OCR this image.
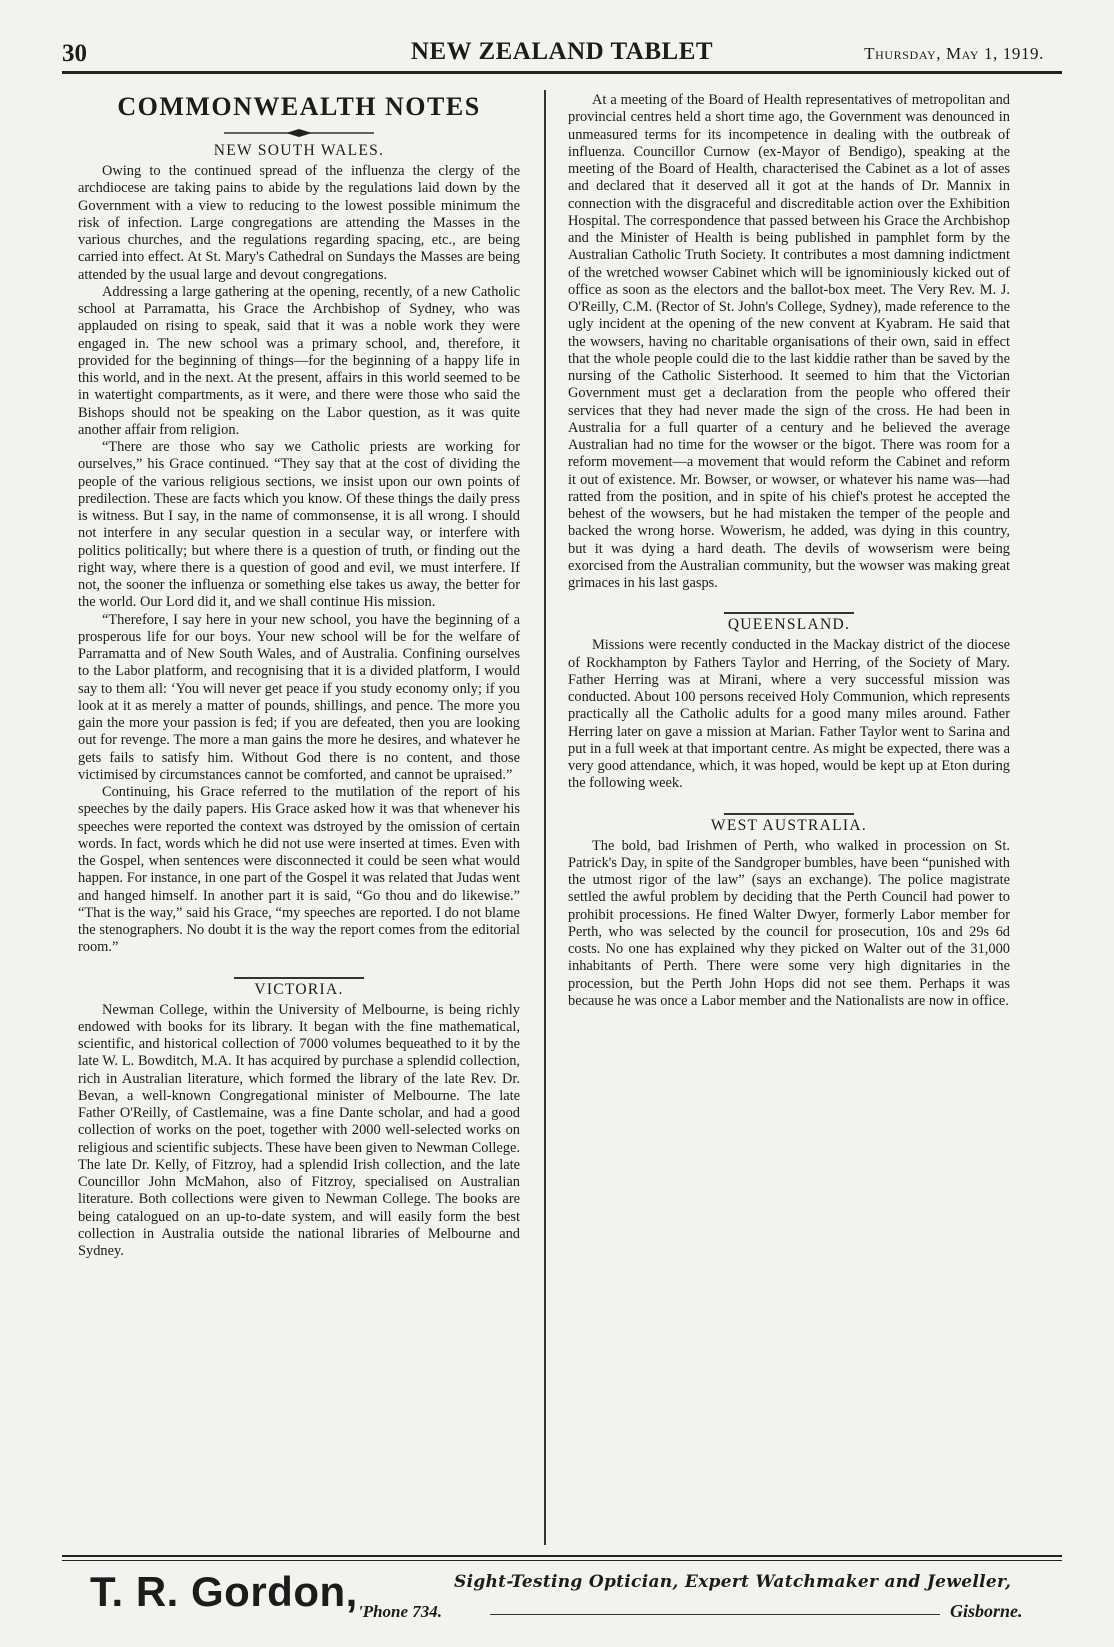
30	NEW ZEALAND TABLET	Thursday, May 1, 1919.
COMMONWEALTH NOTES
NEW SOUTH WALES.

Owing to the continued spread of the influenza the clergy of the archdiocese are taking pains to abide by the regulations laid down by the Government with a view to reducing to the lowest possible minimum the risk of infection. Large congregations are attending the Masses in the various churches, and the regulations regarding spacing, etc., are being carried into effect. At St. Mary's Cathedral on Sundays the Masses are being attended by the usual large and devout congregations.

Addressing a large gathering at the opening, recently, of a new Catholic school at Parramatta, his Grace the Archbishop of Sydney, who was applauded on rising to speak, said that it was a noble work they were engaged in. The new school was a primary school, and, therefore, it provided for the beginning of things—for the beginning of a happy life in this world, and in the next. At the present, affairs in this world seemed to be in watertight compartments, as it were, and there were those who said the Bishops should not be speaking on the Labor question, as it was quite another affair from religion.

“There are those who say we Catholic priests are working for ourselves,” his Grace continued. “They say that at the cost of dividing the people of the various religious sections, we insist upon our own points of predilection. These are facts which you know. Of these things the daily press is witness. But I say, in the name of commonsense, it is all wrong. I should not interfere in any secular question in a secular way, or interfere with politics politically; but where there is a question of truth, or finding out the right way, where there is a question of good and evil, we must interfere. If not, the sooner the influenza or something else takes us away, the better for the world. Our Lord did it, and we shall continue His mission.

“Therefore, I say here in your new school, you have the beginning of a prosperous life for our boys. Your new school will be for the welfare of Parramatta and of New South Wales, and of Australia. Confining ourselves to the Labor platform, and recognising that it is a divided platform, I would say to them all: ‘You will never get peace if you study economy only; if you look at it as merely a matter of pounds, shillings, and pence. The more you gain the more your passion is fed; if you are defeated, then you are looking out for revenge. The more a man gains the more he desires, and whatever he gets fails to satisfy him. Without God there is no content, and those victimised by circumstances cannot be comforted, and cannot be upraised.”

Continuing, his Grace referred to the mutilation of the report of his speeches by the daily papers. His Grace asked how it was that whenever his speeches were reported the context was dstroyed by the omission of certain words. In fact, words which he did not use were inserted at times. Even with the Gospel, when sentences were disconnected it could be seen what would happen. For instance, in one part of the Gospel it was related that Judas went and hanged himself. In another part it is said, “Go thou and do likewise.” “That is the way,” said his Grace, “my speeches are reported. I do not blame the stenographers. No doubt it is the way the report comes from the editorial room.”

VICTORIA.

Newman College, within the University of Melbourne, is being richly endowed with books for its library. It began with the fine mathematical, scientific, and historical collection of 7000 volumes bequeathed to it by the late W. L. Bowditch, M.A. It has acquired by purchase a splendid collection, rich in Australian literature, which formed the library of the late Rev. Dr. Bevan, a well-known Congregational minister of Melbourne. The late Father O'Reilly, of Castlemaine, was a fine Dante scholar, and had a good collection of works on the poet, together with 2000 well-selected works on religious and scientific subjects. These have been given to Newman College. The late Dr. Kelly, of Fitzroy, had a splendid Irish collection, and the late Councillor John McMahon, also of Fitzroy, specialised on Australian literature. Both collections were given to Newman College. The books are being catalogued on an up-to-date system, and will easily form the best collection in Australia outside the national libraries of Melbourne and Sydney.

At a meeting of the Board of Health representatives of metropolitan and provincial centres held a short time ago, the Government was denounced in unmeasured terms for its incompetence in dealing with the outbreak of influenza. Councillor Curnow (ex-Mayor of Bendigo), speaking at the meeting of the Board of Health, characterised the Cabinet as a lot of asses and declared that it deserved all it got at the hands of Dr. Mannix in connection with the disgraceful and discreditable action over the Exhibition Hospital. The correspondence that passed between his Grace the Archbishop and the Minister of Health is being published in pamphlet form by the Australian Catholic Truth Society. It contributes a most damning indictment of the wretched wowser Cabinet which will be ignominiously kicked out of office as soon as the electors and the ballot-box meet. The Very Rev. M. J. O'Reilly, C.M. (Rector of St. John's College, Sydney), made reference to the ugly incident at the opening of the new convent at Kyabram. He said that the wowsers, having no charitable organisations of their own, said in effect that the whole people could die to the last kiddie rather than be saved by the nursing of the Catholic Sisterhood. It seemed to him that the Victorian Government must get a declaration from the people who offered their services that they had never made the sign of the cross. He had been in Australia for a full quarter of a century and he believed the average Australian had no time for the wowser or the bigot. There was room for a reform movement—a movement that would reform the Cabinet and reform it out of existence. Mr. Bowser, or wowser, or whatever his name was—had ratted from the position, and in spite of his chief's protest he accepted the behest of the wowsers, but he had mistaken the temper of the people and backed the wrong horse. Wowerism, he added, was dying in this country, but it was dying a hard death. The devils of wowserism were being exorcised from the Australian community, but the wowser was making great grimaces in his last gasps.

QUEENSLAND.

Missions were recently conducted in the Mackay district of the diocese of Rockhampton by Fathers Taylor and Herring, of the Society of Mary. Father Herring was at Mirani, where a very successful mission was conducted. About 100 persons received Holy Communion, which represents practically all the Catholic adults for a good many miles around. Father Herring later on gave a mission at Marian. Father Taylor went to Sarina and put in a full week at that important centre. As might be expected, there was a very good attendance, which, it was hoped, would be kept up at Eton during the following week.

WEST AUSTRALIA.

The bold, bad Irishmen of Perth, who walked in procession on St. Patrick's Day, in spite of the Sandgroper bumbles, have been “punished with the utmost rigor of the law” (says an exchange). The police magistrate settled the awful problem by deciding that the Perth Council had power to prohibit processions. He fined Walter Dwyer, formerly Labor member for Perth, who was selected by the council for prosecution, 10s and 29s 6d costs. No one has explained why they picked on Walter out of the 31,000 inhabitants of Perth. There were some very high dignitaries in the procession, but the Perth John Hops did not see them. Perhaps it was because he was once a Labor member and the Nationalists are now in office.

T. R. Gordon,	Sight-Testing Optician, Expert Watchmaker and Jeweller,
'Phone 734.	Gisborne.
